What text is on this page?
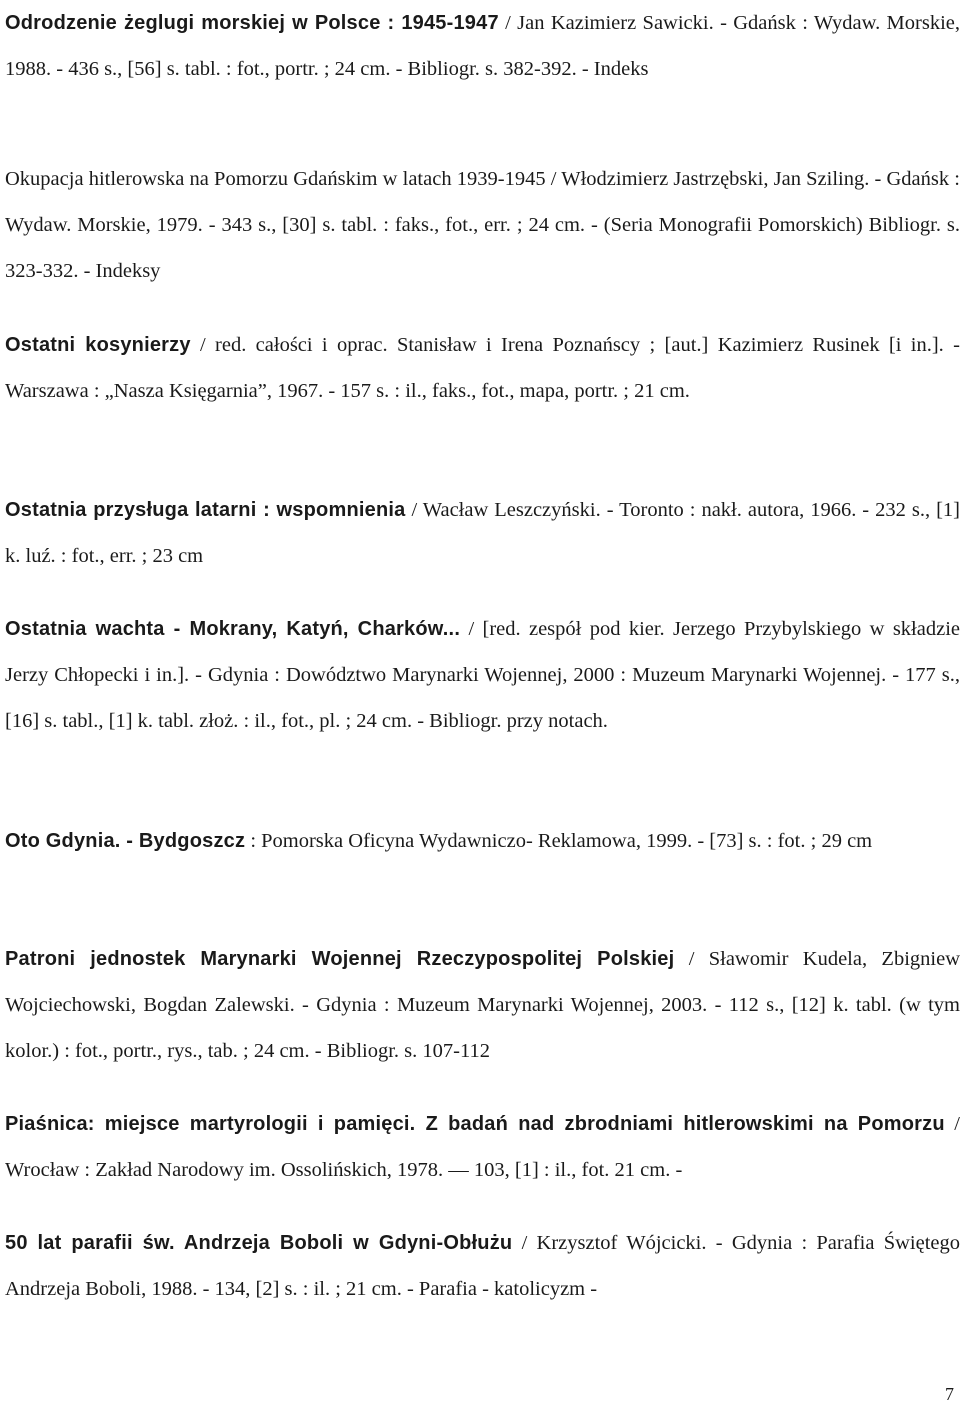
Odrodzenie żeglugi morskiej w Polsce : 1945-1947 / Jan Kazimierz Sawicki. - Gdańsk : Wydaw. Morskie, 1988. - 436 s., [56] s. tabl. : fot., portr. ; 24 cm. - Bibliogr. s. 382-392. - Indeks

Okupacja hitlerowska na Pomorzu Gdańskim w latach 1939-1945 / Włodzimierz Jastrzębski, Jan Sziling. - Gdańsk : Wydaw. Morskie, 1979. - 343 s., [30] s. tabl. : faks., fot., err. ; 24 cm. - (Seria Monografii Pomorskich) Bibliogr. s. 323-332. - Indeksy

Ostatni kosynierzy / red. całości i oprac. Stanisław i Irena Poznańscy ; [aut.] Kazimierz Rusinek [i in.]. - Warszawa : „Nasza Księgarnia”, 1967. - 157 s. : il., faks., fot., mapa, portr. ; 21 cm.

Ostatnia przysługa latarni : wspomnienia / Wacław Leszczyński. - Toronto : nakł. autora, 1966. - 232 s., [1] k. luź. : fot., err. ; 23 cm

Ostatnia wachta - Mokrany, Katyń, Charków... / [red. zespół pod kier. Jerzego Przybylskiego w składzie Jerzy Chłopecki i in.]. - Gdynia : Dowództwo Marynarki Wojennej, 2000 : Muzeum Marynarki Wojennej. - 177 s., [16] s. tabl., [1] k. tabl. złoż. : il., fot., pl. ; 24 cm. - Bibliogr. przy notach.

Oto Gdynia. - Bydgoszcz : Pomorska Oficyna Wydawniczo- Reklamowa, 1999. - [73] s. : fot. ; 29 cm

Patroni jednostek Marynarki Wojennej Rzeczypospolitej Polskiej / Sławomir Kudela, Zbigniew Wojciechowski, Bogdan Zalewski. - Gdynia : Muzeum Marynarki Wojennej, 2003. - 112 s., [12] k. tabl. (w tym kolor.) : fot., portr., rys., tab. ; 24 cm. - Bibliogr. s. 107-112

Piaśnica: miejsce martyrologii i pamięci. Z badań nad zbrodniami hitlerowskimi na Pomorzu / Wrocław : Zakład Narodowy im. Ossolińskich, 1978. — 103, [1] : il., fot. 21 cm. -

50 lat parafii św. Andrzeja Boboli w Gdyni-Obłużu / Krzysztof Wójcicki. - Gdynia : Parafia Świętego Andrzeja Boboli, 1988. - 134, [2] s. : il. ; 21 cm. - Parafia - katolicyzm -

7
